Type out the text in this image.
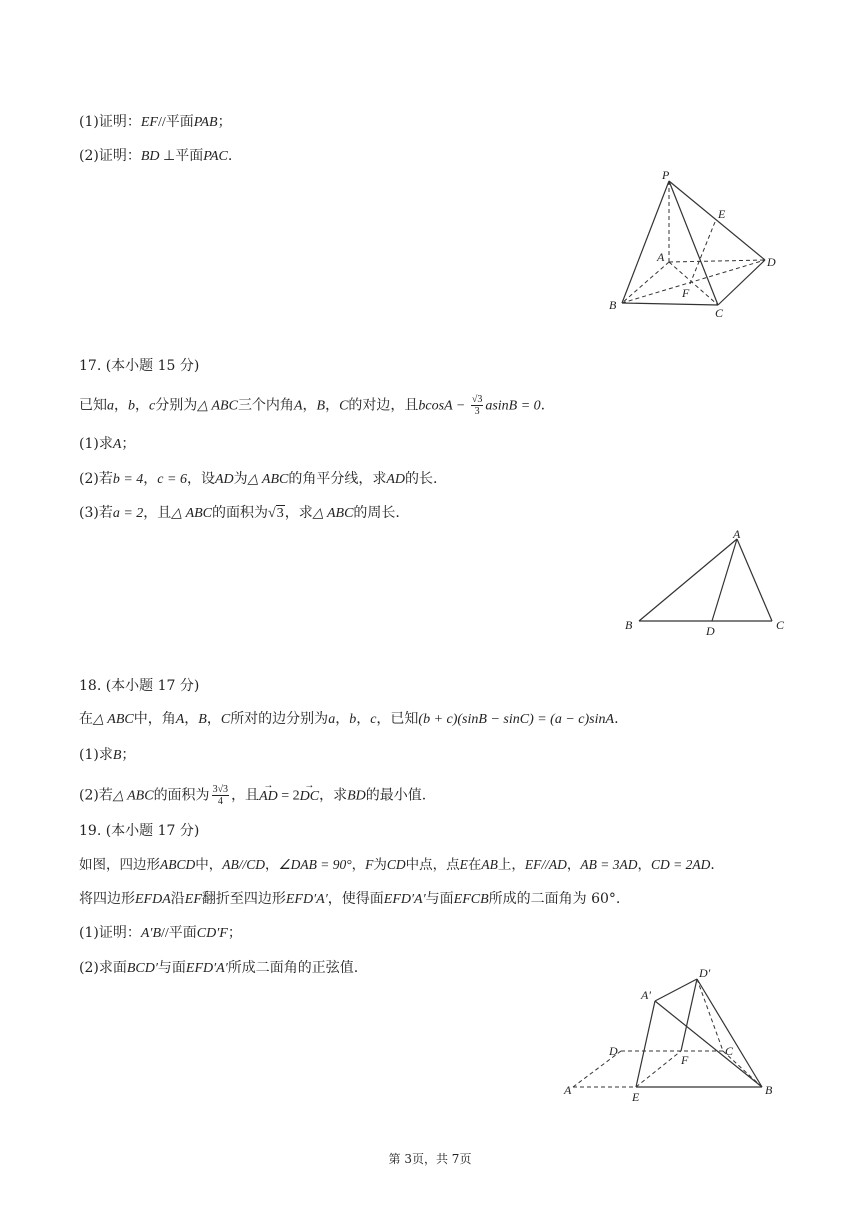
(1)证明：EF//平面PAB；
(2)证明：BD ⊥平面PAC.
P
E
A	D
F
B
C
17. (本小题 15 分)
已知a，b，c分别为△ ABC三个内角A，B，C的对边，且$bcosA - \frac{√3}{3}$ asinB = 0.
(1)求A；
(2)若b = 4，c = 6，设AD为△ ABC的角平分线，求AD的长.
(3)若a = 2，且△ ABC的面积为√3，求△ ABC的周长.
A
B	D	C
18. (本小题 17 分)
在△ ABC中，角A，B，C所对的边分别为a，b，c，已知(b + c)(sinB − sinC) = (a − c)sinA.
(1)求B；
(2)若△ ABC的面积为 $\frac{3√3}{4}$ ，且→ AD = 2→ DC，求BD的最小值.
19. (本小题 17 分)
如图，四边形ABCD中，AB//CD，∠DAB = 90°，F为CD中点，点E在AB上，EF//AD，AB = 3AD，CD = 2AD.
将四边形EFDA沿EF翻折至四边形EFD′A′，使得面EFD′A′与面EFCB所成的二面角为 60°.
(1)证明：A′B//平面CD′F；
(2)求面BCD′与面EFD′A′所成二面角的正弦值.	D′
A′
D	C
F
A	E	B
第 3页，共 7页
